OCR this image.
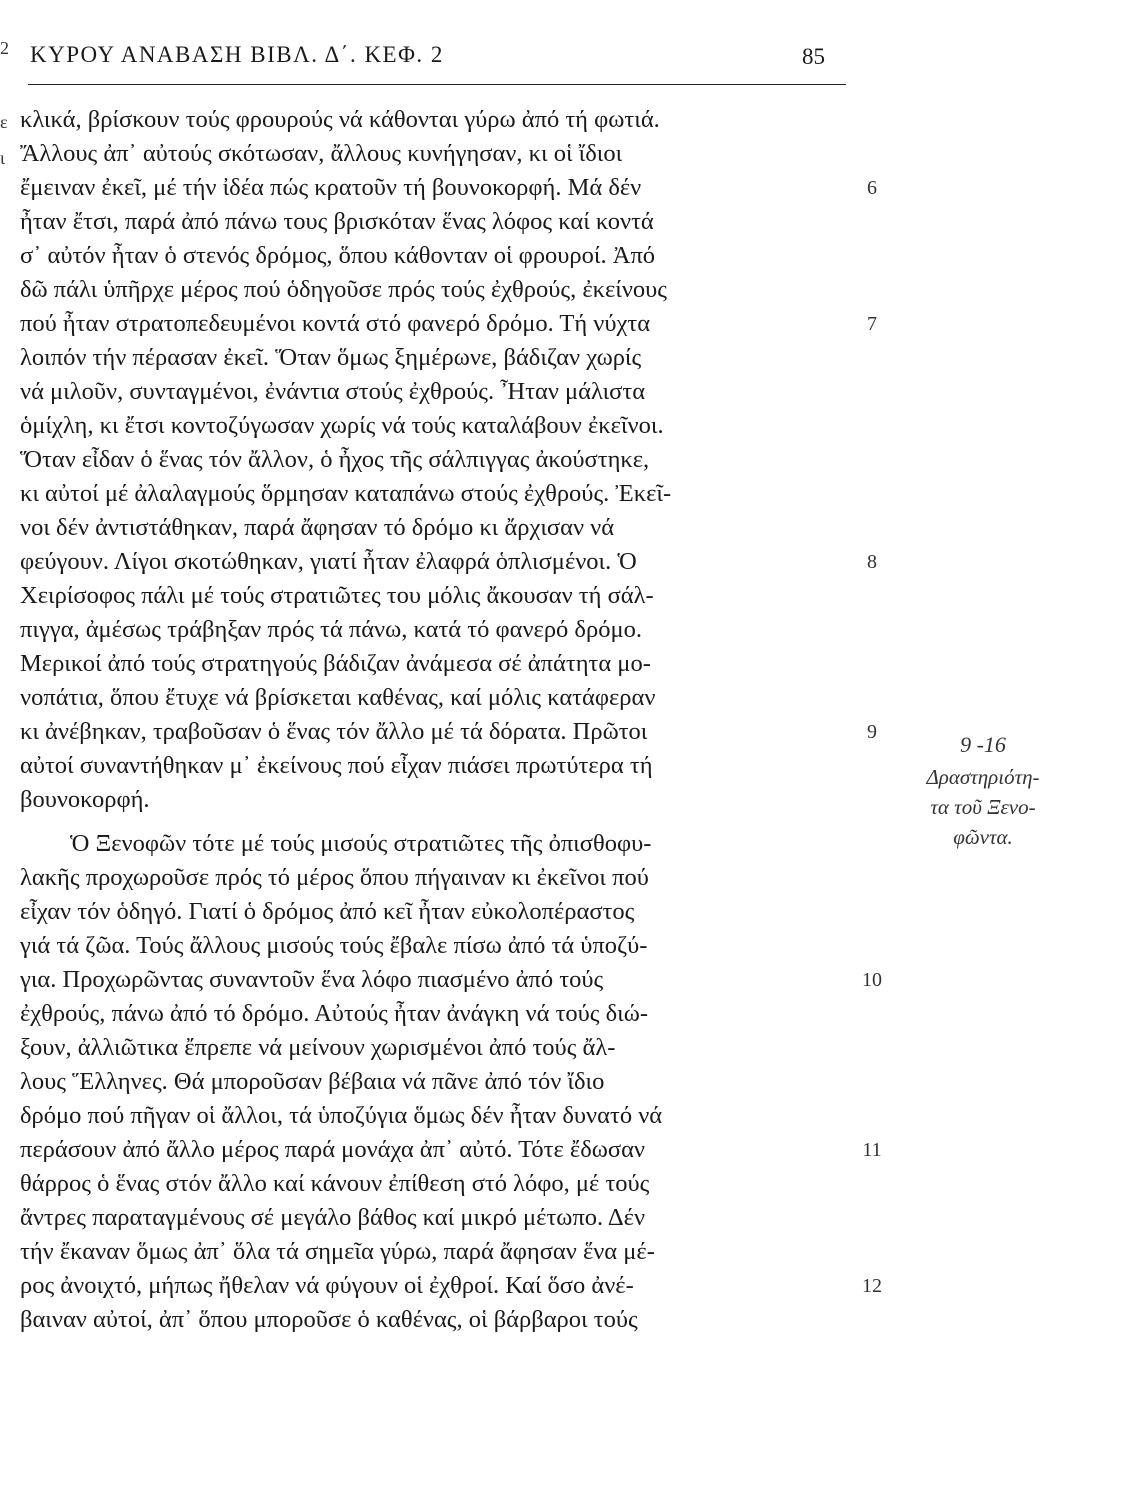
ΚΥΡΟΥ ΑΝΑΒΑΣΗ ΒΙΒΛ. Δ΄. ΚΕΦ. 2	85
2
ε
ι
κλικά, βρίσκουν τούς φρουρούς νά κάθονται γύρω ἀπό τή φωτιά.
Ἄλλους ἀπ᾽ αὐτούς σκότωσαν, ἄλλους κυνήγησαν, κι οἱ ἴδιοι
ἔμειναν ἐκεῖ, μέ τήν ἰδέα πώς κρατοῦν τή βουνοκορφή. Μά δέν
ἦταν ἔτσι, παρά ἀπό πάνω τους βρισκόταν ἕνας λόφος καί κοντά
σ᾽ αὐτόν ἦταν ὁ στενός δρόμος, ὅπου κάθονταν οἱ φρουροί. Ἀπό
δῶ πάλι ὑπῆρχε μέρος πού ὁδηγοῦσε πρός τούς ἐχθρούς, ἐκείνους
πού ἦταν στρατοπεδευμένοι κοντά στό φανερό δρόμο. Τή νύχτα
λοιπόν τήν πέρασαν ἐκεῖ. Ὅταν ὅμως ξημέρωνε, βάδιζαν χωρίς
νά μιλοῦν, συνταγμένοι, ἐνάντια στούς ἐχθρούς. Ἦταν μάλιστα
ὁμίχλη, κι ἔτσι κοντοζύγωσαν χωρίς νά τούς καταλάβουν ἐκεῖνοι.
Ὅταν εἶδαν ὁ ἕνας τόν ἄλλον, ὁ ἦχος τῆς σάλπιγγας ἀκούστηκε,
κι αὐτοί μέ ἀλαλαγμούς ὅρμησαν καταπάνω στούς ἐχθρούς. Ἐκεῖ-
νοι δέν ἀντιστάθηκαν, παρά ἄφησαν τό δρόμο κι ἄρχισαν νά
φεύγουν. Λίγοι σκοτώθηκαν, γιατί ἦταν ἐλαφρά ὁπλισμένοι. Ὁ
Χειρίσοφος πάλι μέ τούς στρατιῶτες του μόλις ἄκουσαν τή σάλ-
πιγγα, ἀμέσως τράβηξαν πρός τά πάνω, κατά τό φανερό δρόμο.
Μερικοί ἀπό τούς στρατηγούς βάδιζαν ἀνάμεσα σέ ἀπάτητα μο-
νοπάτια, ὅπου ἔτυχε νά βρίσκεται καθένας, καί μόλις κατάφεραν
κι ἀνέβηκαν, τραβοῦσαν ὁ ἕνας τόν ἄλλο μέ τά δόρατα. Πρῶτοι
αὐτοί συναντήθηκαν μ᾽ ἐκείνους πού εἶχαν πιάσει πρωτύτερα τή
βουνοκορφή.
Ὁ Ξενοφῶν τότε μέ τούς μισούς στρατιῶτες τῆς ὀπισθοφυ-
λακῆς προχωροῦσε πρός τό μέρος ὅπου πήγαιναν κι ἐκεῖνοι πού
εἶχαν τόν ὁδηγό. Γιατί ὁ δρόμος ἀπό κεῖ ἦταν εὐκολοπέραστος
γιά τά ζῶα. Τούς ἄλλους μισούς τούς ἔβαλε πίσω ἀπό τά ὑποζύ-
για. Προχωρῶντας συναντοῦν ἕνα λόφο πιασμένο ἀπό τούς
ἐχθρούς, πάνω ἀπό τό δρόμο. Αὐτούς ἦταν ἀνάγκη νά τούς διώ-
ξουν, ἀλλιῶτικα ἔπρεπε νά μείνουν χωρισμένοι ἀπό τούς ἄλ-
λους Ἕλληνες. Θά μποροῦσαν βέβαια νά πᾶνε ἀπό τόν ἴδιο
δρόμο πού πῆγαν οἱ ἄλλοι, τά ὑποζύγια ὅμως δέν ἦταν δυνατό νά
περάσουν ἀπό ἄλλο μέρος παρά μονάχα ἀπ᾽ αὐτό. Τότε ἔδωσαν
θάρρος ὁ ἕνας στόν ἄλλο καί κάνουν ἐπίθεση στό λόφο, μέ τούς
ἄντρες παραταγμένους σέ μεγάλο βάθος καί μικρό μέτωπο. Δέν
τήν ἔκαναν ὅμως ἀπ᾽ ὅλα τά σημεῖα γύρω, παρά ἄφησαν ἕνα μέ-
ρος ἀνοιχτό, μήπως ἤθελαν νά φύγουν οἱ ἐχθροί. Καί ὅσο ἀνέ-
βαιναν αὐτοί, ἀπ᾽ ὅπου μποροῦσε ὁ καθένας, οἱ βάρβαροι τούς
6
7
8
9
10
11
12
9 -16
Δραστηριότη-
τα τοῦ Ξενο-
φῶντα.
